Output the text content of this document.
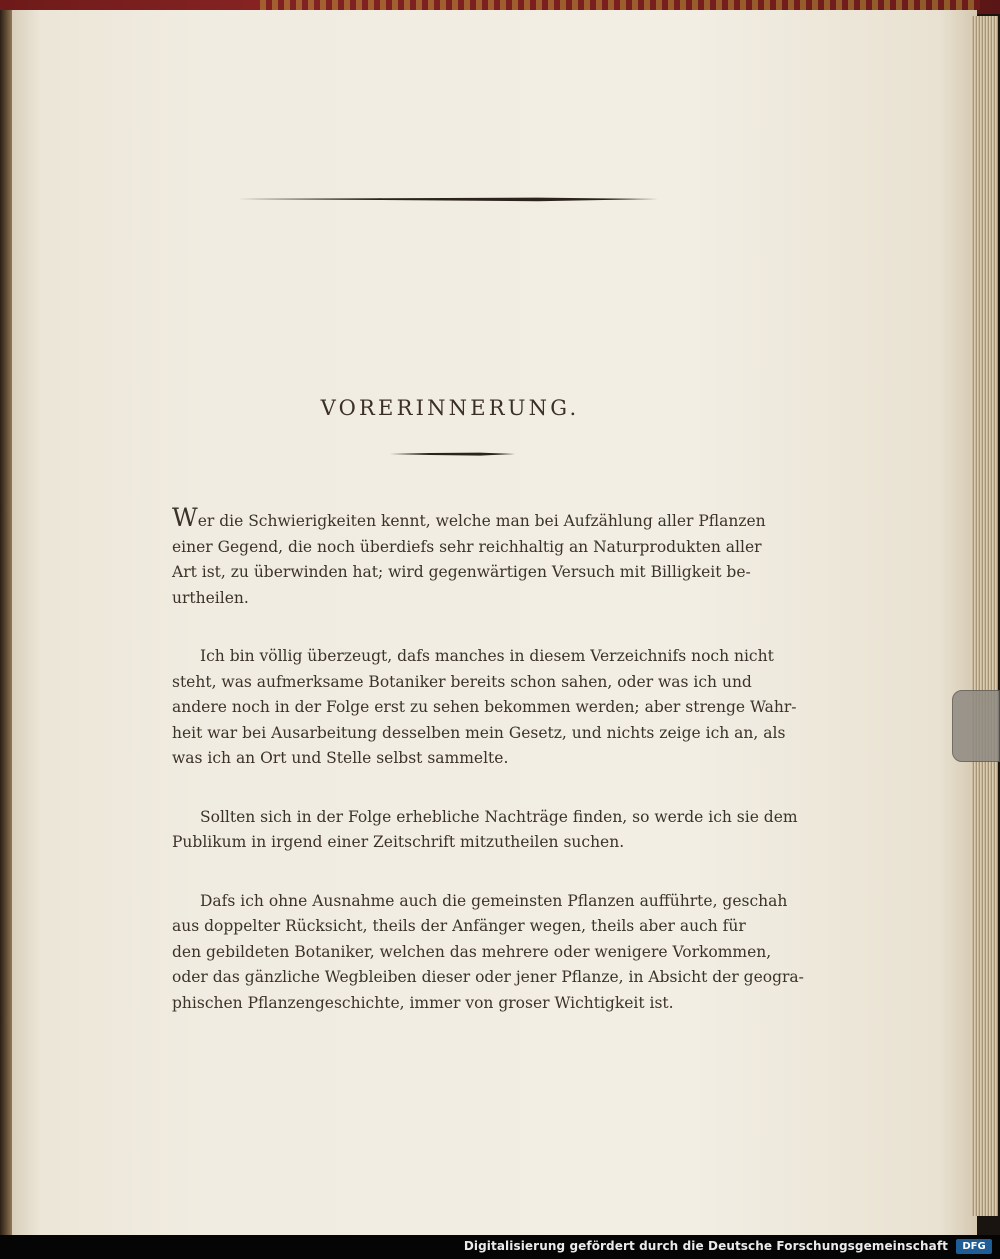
VORERINNERUNG.
Wer die Schwierigkeiten kennt, welche man bei Aufzählung aller Pflanzen
einer Gegend, die noch überdiefs sehr reichhaltig an Naturprodukten aller
Art ist, zu überwinden hat; wird gegenwärtigen Versuch mit Billigkeit be-
urtheilen.
Ich bin völlig überzeugt, dafs manches in diesem Verzeichnifs noch nicht
steht, was aufmerksame Botaniker bereits schon sahen, oder was ich und
andere noch in der Folge erst zu sehen bekommen werden; aber strenge Wahr-
heit war bei Ausarbeitung desselben mein Gesetz, und nichts zeige ich an, als
was ich an Ort und Stelle selbst sammelte.
Sollten sich in der Folge erhebliche Nachträge finden, so werde ich sie dem
Publikum in irgend einer Zeitschrift mitzutheilen suchen.
Dafs ich ohne Ausnahme auch die gemeinsten Pflanzen aufführte, geschah
aus doppelter Rücksicht, theils der Anfänger wegen, theils aber auch für
den gebildeten Botaniker, welchen das mehrere oder wenigere Vorkommen,
oder das gänzliche Wegbleiben dieser oder jener Pflanze, in Absicht der geogra-
phischen Pflanzengeschichte, immer von groser Wichtigkeit ist.
Digitalisierung gefördert durch die Deutsche Forschungsgemeinschaft	DFG
